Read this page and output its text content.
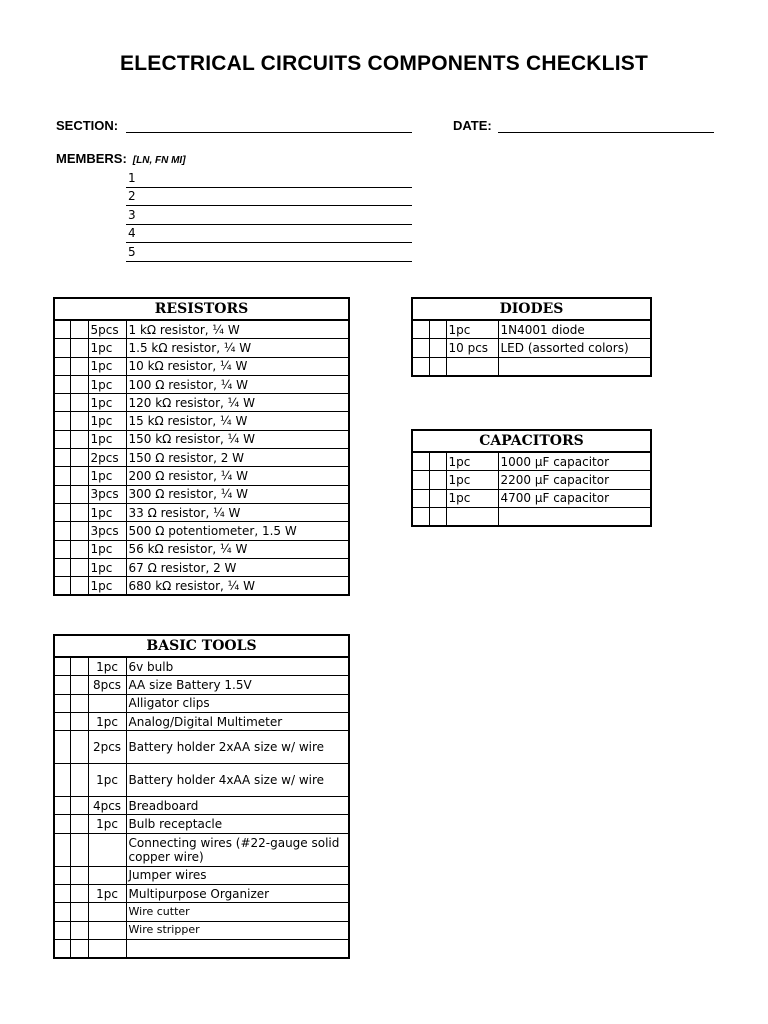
ELECTRICAL CIRCUITS COMPONENTS CHECKLIST
SECTION:	DATE:
MEMBERS: [LN, FN MI]
1
2
3
4
5
RESISTORS			
		5pcs	1 kΩ resistor, ¼ W
		1pc	1.5 kΩ resistor, ¼ W
		1pc	10 kΩ resistor, ¼ W
		1pc	100 Ω resistor, ¼ W
		1pc	120 kΩ resistor, ¼ W
		1pc	15 kΩ resistor, ¼ W
		1pc	150 kΩ resistor, ¼ W
		2pcs	150 Ω resistor, 2 W
		1pc	200 Ω resistor, ¼ W
		3pcs	300 Ω resistor, ¼ W
		1pc	33 Ω resistor, ¼ W
		3pcs	500 Ω potentiometer, 1.5 W
		1pc	56 kΩ resistor, ¼ W
		1pc	67 Ω resistor, 2 W
		1pc	680 kΩ resistor, ¼ W
DIODES			
		1pc	1N4001 diode
		10 pcs	LED (assorted colors)

CAPACITORS			
		1pc	1000 µF capacitor
		1pc	2200 µF capacitor
		1pc	4700 µF capacitor

BASIC TOOLS			
		1pc	6v bulb
		8pcs	AA size Battery 1.5V
			Alligator clips
		1pc	Analog/Digital Multimeter
		2pcs	Battery holder 2xAA size w/ wire
		1pc	Battery holder 4xAA size w/ wire
		4pcs	Breadboard
		1pc	Bulb receptacle
			Connecting wires (#22-gauge solid copper wire)
			Jumper wires
		1pc	Multipurpose Organizer
			Wire cutter
			Wire stripper
